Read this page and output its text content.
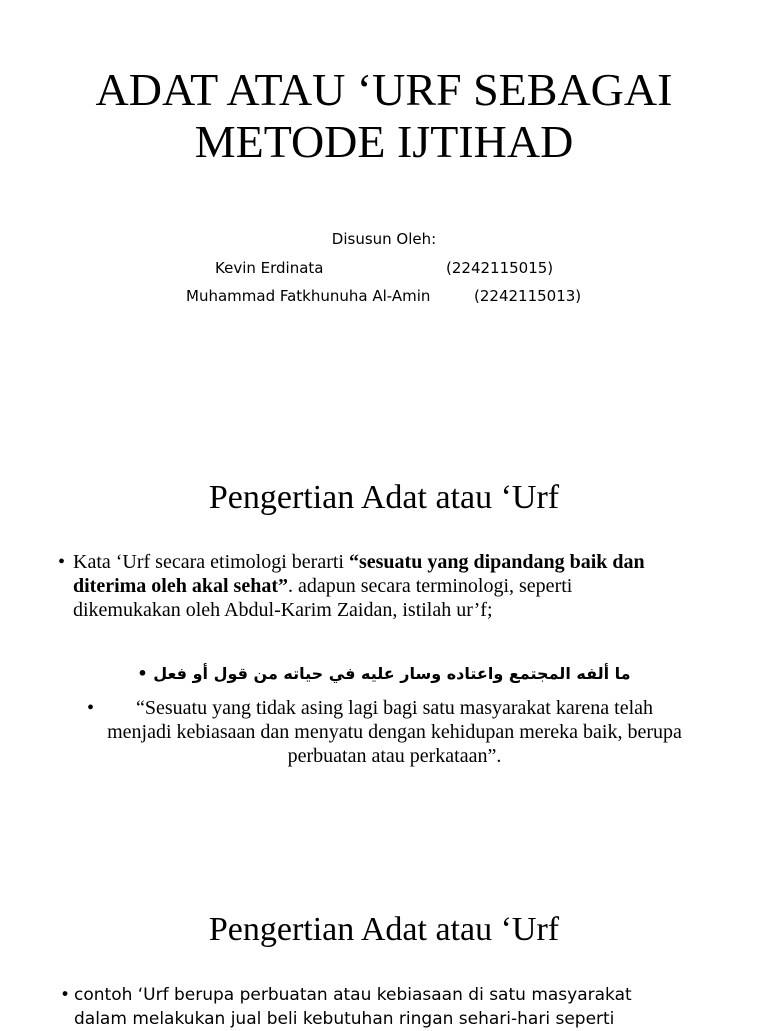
ADAT ATAU ‘URF SEBAGAI METODE IJTIHAD
Disusun Oleh:
Kevin Erdinata	(2242115015)
Muhammad Fatkhunuha Al-Amin	(2242115013)
Pengertian Adat atau ‘Urf
• Kata ‘Urf secara etimologi berarti “sesuatu yang dipandang baik dan diterima oleh akal sehat”. adapun secara terminologi, seperti dikemukakan oleh Abdul-Karim Zaidan, istilah ur’f;
ما ألفه المجتمع واعتاده وسار عليه في حياته من قول أو فعل •
• “Sesuatu yang tidak asing lagi bagi satu masyarakat karena telah menjadi kebiasaan dan menyatu dengan kehidupan mereka baik, berupa perbuatan atau perkataan”.
Pengertian Adat atau ‘Urf
• contoh ‘Urf berupa perbuatan atau kebiasaan di satu masyarakat dalam melakukan jual beli kebutuhan ringan sehari-hari seperti
